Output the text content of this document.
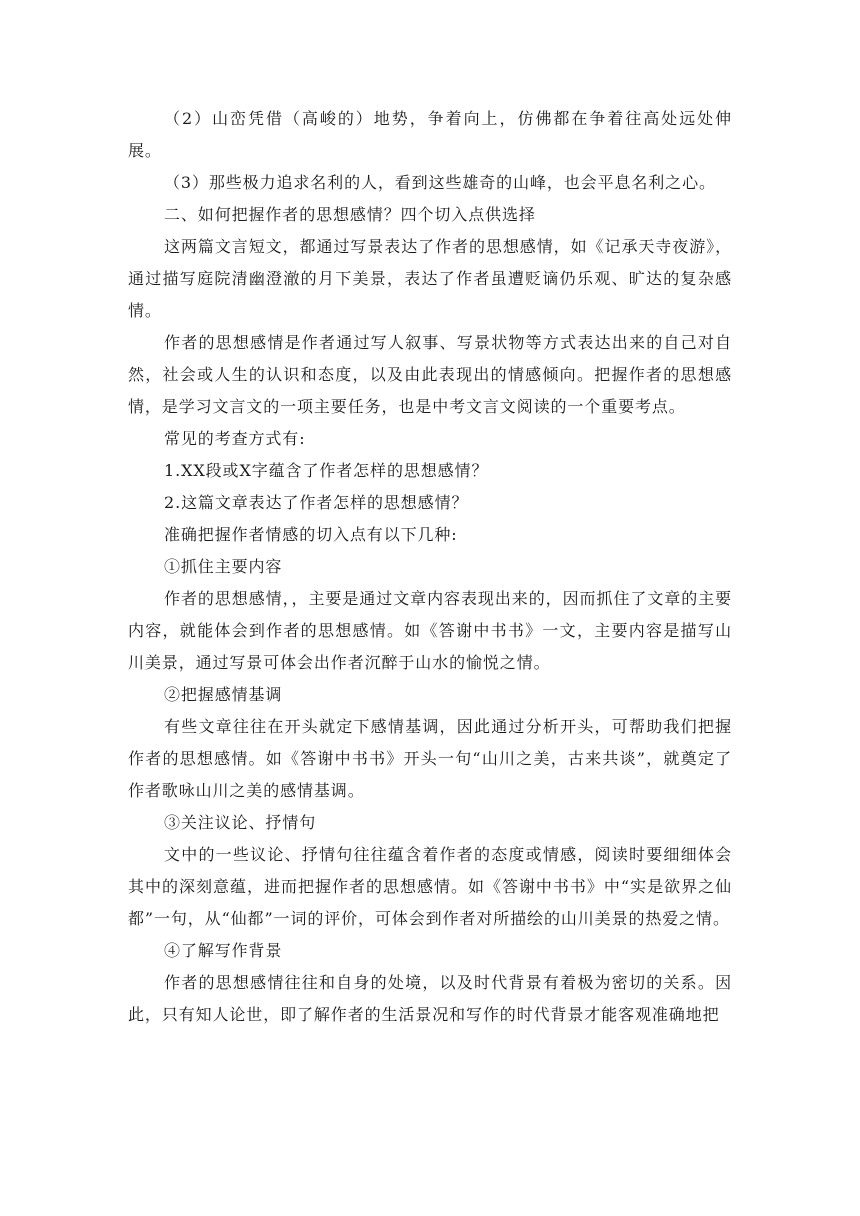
（2）山峦凭借（高峻的）地势，争着向上，仿佛都在争着往高处远处伸展。

（3）那些极力追求名利的人，看到这些雄奇的山峰，也会平息名利之心。

二、如何把握作者的思想感情？四个切入点供选择

这两篇文言短文，都通过写景表达了作者的思想感情，如《记承天寺夜游》，通过描写庭院清幽澄澈的月下美景，表达了作者虽遭贬谪仍乐观、旷达的复杂感情。

作者的思想感情是作者通过写人叙事、写景状物等方式表达出来的自己对自然，社会或人生的认识和态度，以及由此表现出的情感倾向。把握作者的思想感情，是学习文言文的一项主要任务，也是中考文言文阅读的一个重要考点。

常见的考查方式有:

1.XX段或X字蕴含了作者怎样的思想感情？

2.这篇文章表达了作者怎样的思想感情？

准确把握作者情感的切入点有以下几种:

①抓住主要内容

作者的思想感情，，主要是通过文章内容表现出来的，因而抓住了文章的主要内容，就能体会到作者的思想感情。如《答谢中书书》一文，主要内容是描写山川美景，通过写景可体会出作者沉醉于山水的愉悦之情。

②把握感情基调

有些文章往往在开头就定下感情基调，因此通过分析开头，可帮助我们把握作者的思想感情。如《答谢中书书》开头一句“山川之美，古来共谈”，就奠定了作者歌咏山川之美的感情基调。

③关注议论、抒情句

文中的一些议论、抒情句往往蕴含着作者的态度或情感，阅读时要细细体会其中的深刻意蕴，进而把握作者的思想感情。如《答谢中书书》中“实是欲界之仙都”一句，从“仙都”一词的评价，可体会到作者对所描绘的山川美景的热爱之情。

④了解写作背景

作者的思想感情往往和自身的处境，以及时代背景有着极为密切的关系。因此，只有知人论世，即了解作者的生活景况和写作的时代背景才能客观准确地把
